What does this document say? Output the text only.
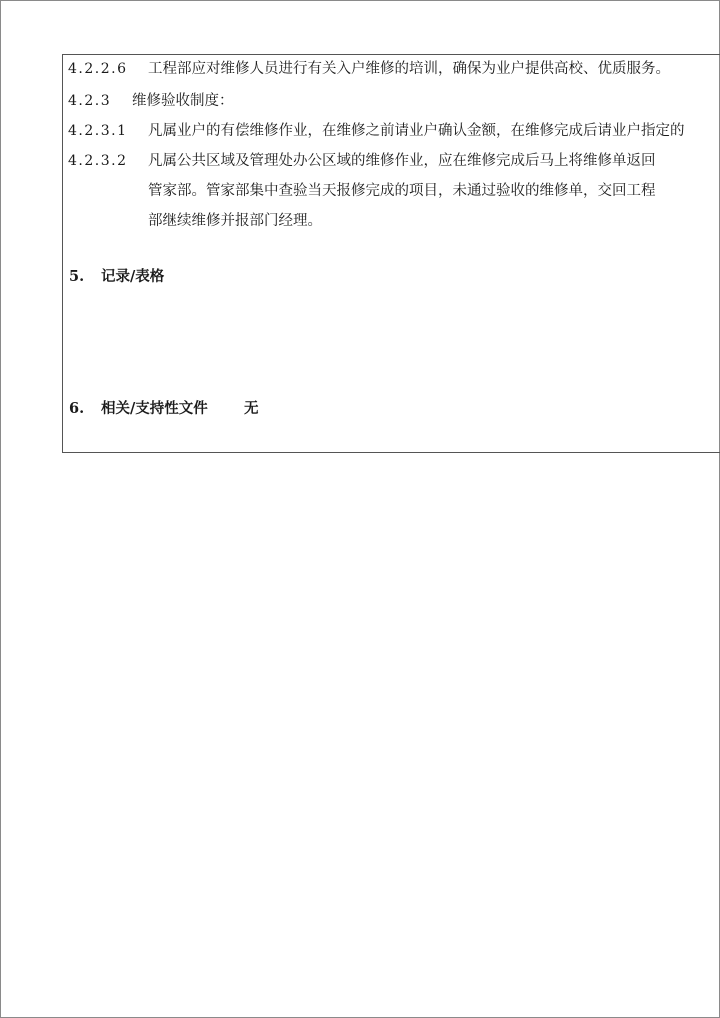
4.2.2.6 工程部应对维修人员进行有关入户维修的培训，确保为业户提供高校、优质服务。
4.2.3 维修验收制度：
4.2.3.1 凡属业户的有偿维修作业，在维修之前请业户确认金额，在维修完成后请业户指定的
4.2.3.2 凡属公共区域及管理处办公区域的维修作业，应在维修完成后马上将维修单返回
管家部。管家部集中查验当天报修完成的项目，未通过验收的维修单，交回工程
部继续维修并报部门经理。
5. 记录/表格
6. 相关/支持性文件 无
